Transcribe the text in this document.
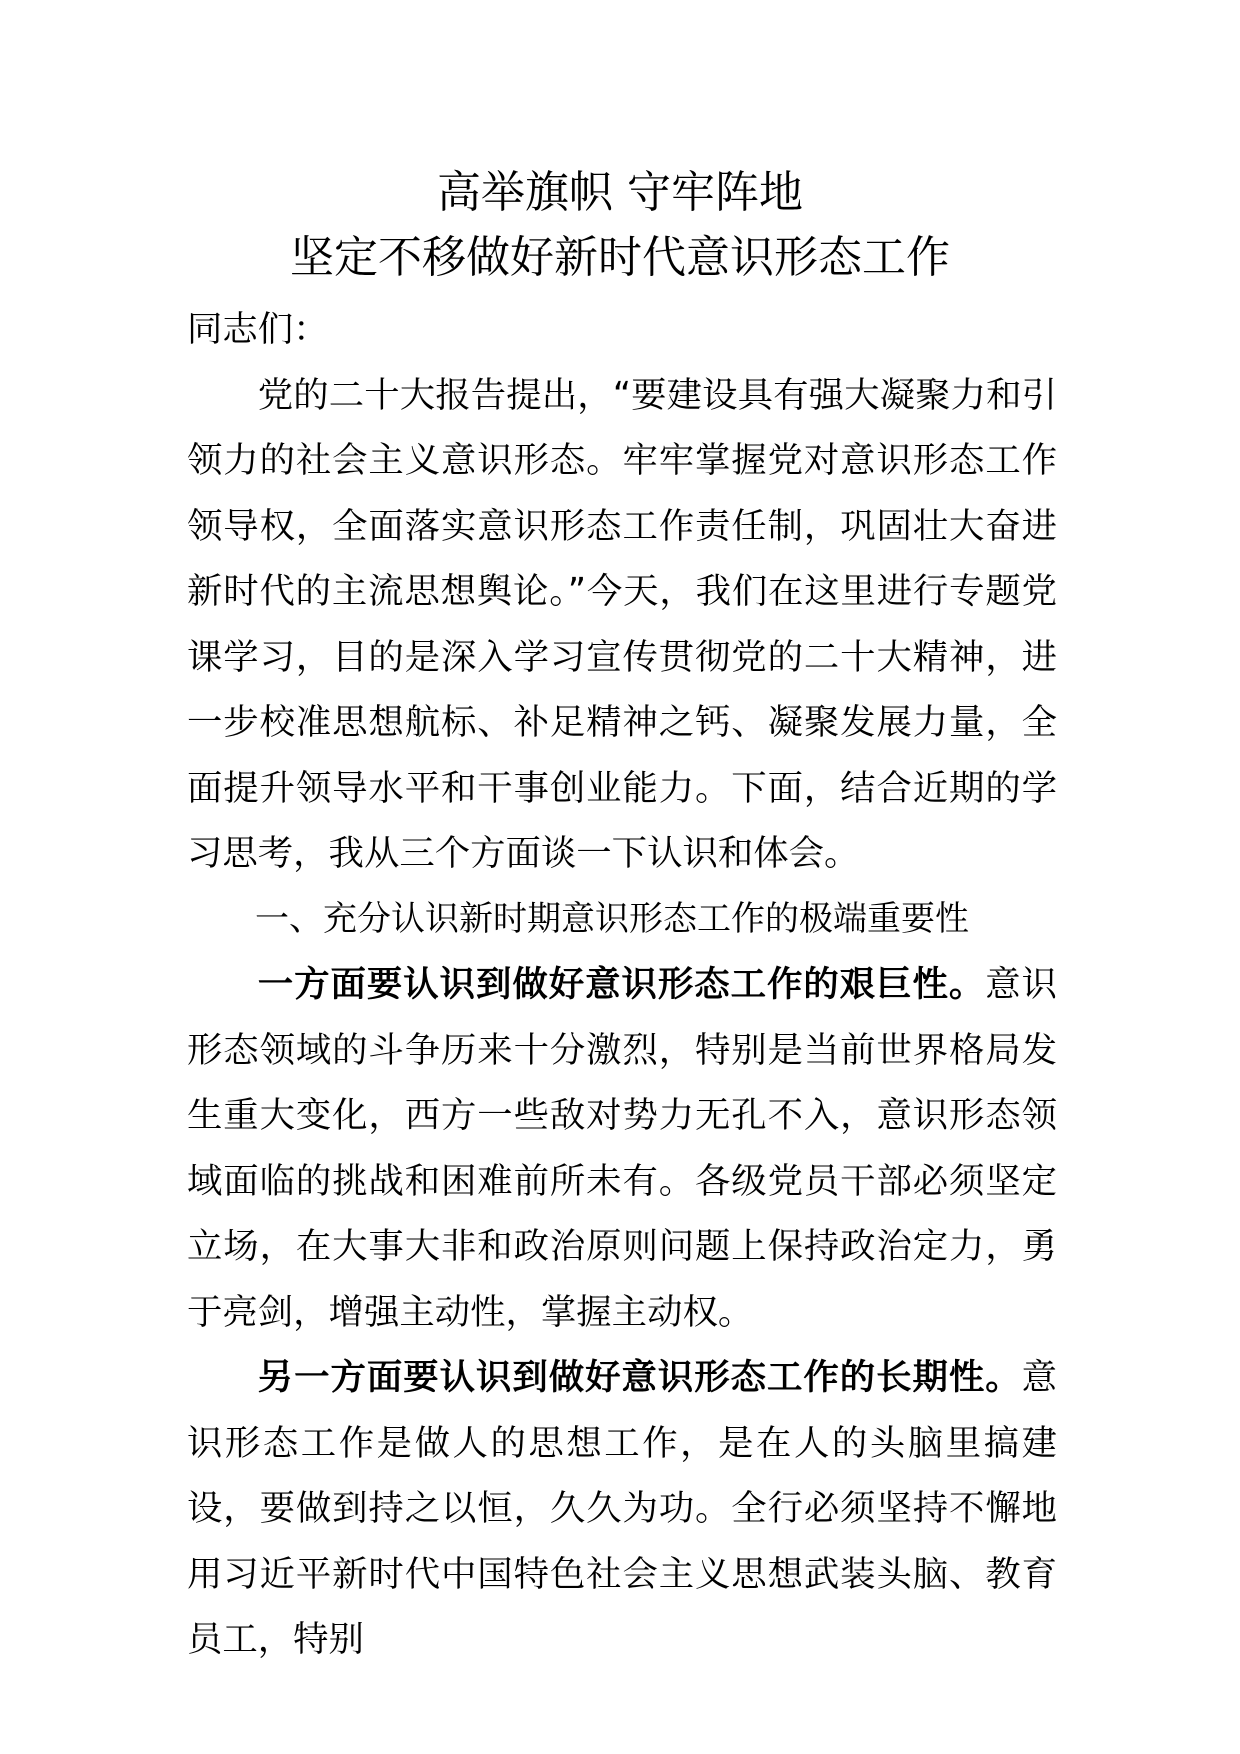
高举旗帜 守牢阵地
坚定不移做好新时代意识形态工作

同志们：

党的二十大报告提出，“要建设具有强大凝聚力和引领力的社会主义意识形态。牢牢掌握党对意识形态工作领导权，全面落实意识形态工作责任制，巩固壮大奋进新时代的主流思想舆论。”今天，我们在这里进行专题党课学习，目的是深入学习宣传贯彻党的二十大精神，进一步校准思想航标、补足精神之钙、凝聚发展力量，全面提升领导水平和干事创业能力。下面，结合近期的学习思考，我从三个方面谈一下认识和体会。

一、充分认识新时期意识形态工作的极端重要性

一方面要认识到做好意识形态工作的艰巨性。意识形态领域的斗争历来十分激烈，特别是当前世界格局发生重大变化，西方一些敌对势力无孔不入，意识形态领域面临的挑战和困难前所未有。各级党员干部必须坚定立场，在大事大非和政治原则问题上保持政治定力，勇于亮剑，增强主动性，掌握主动权。

另一方面要认识到做好意识形态工作的长期性。意识形态工作是做人的思想工作，是在人的头脑里搞建设，要做到持之以恒，久久为功。全行必须坚持不懈地用习近平新时代中国特色社会主义思想武装头脑、教育员工，特别
